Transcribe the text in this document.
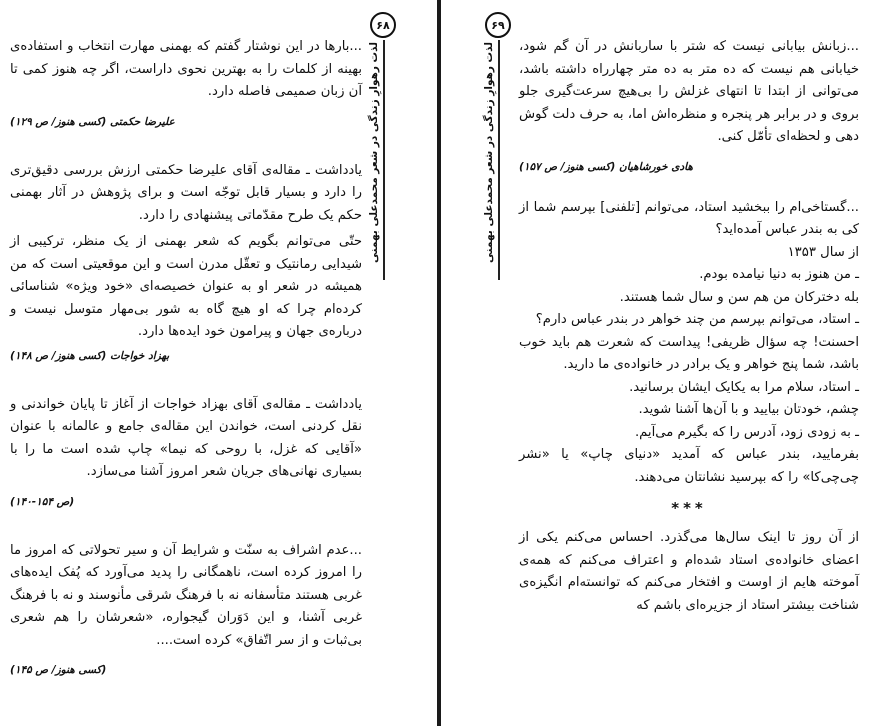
۶۸
لذت رهوارِ زندگی در شعر محمدعلی بهمنی

...بارها در این نوشتار گفتم که بهمنی مهارت انتخاب و استفاده‌ی بهینه از کلمات را به بهترین نحوی داراست، اگر چه هنوز کمی تا آن زبان صمیمی فاصله دارد.

علیرضا حکمتی (کسی هنوز/ ص ۱۲۹)

یادداشت ـ مقاله‌ی آقای علیرضا حکمتی ارزش بررسی دقیق‌تری را دارد و بسیار قابل توجّه است و برای پژوهش در آثار بهمنی حکم یک طرح مقدّماتی پیشنهادی را دارد.

حتّی می‌توانم بگویم که شعر بهمنی از یک منظر، ترکیبی از شیدایی رمانتیک و تعقّل مدرن است و این موقعیتی است که من همیشه در شعر او به عنوان خصیصه‌ای «خود ویژه» شناسائی کرده‌ام چرا که او هیچ گاه به شور بی‌مهار متوسل نیست و درباره‌ی جهان و پیرامون خود ایده‌ها دارد.

بهزاد خواجات (کسی هنوز/ ص ۱۴۸)

یادداشت ـ مقاله‌ی آقای بهزاد خواجات از آغاز تا پایان خواندنی و نقل کردنی است، خواندن این مقاله‌ی جامع و عالمانه با عنوان «آقایی که غزل، با روحی که نیما» چاپ شده است ما را با بسیاری نهانی‌های جریان شعر امروز آشنا می‌سازد.

(ص ۱۵۴-۱۴۰)

...عدم اشراف به سنّت و شرایط آن و سیر تحولاتی که امروز ما را امروز کرده است، ناهمگانی را پدید می‌آورد که پُفک ایده‌های غربی هستند متأسفانه نه با فرهنگ شرقی مأنوسند و نه با فرهنگ غربی آشنا، و این دَوَران گیجواره، «شعرشان را هم شعری بی‌ثبات و از سر اتّفاق» کرده است....

(کسی هنوز/ ص ۱۴۵)

۶۹
لذت رهوارِ زندگی در شعر محمدعلی بهمنی ...زبانش بیابانی نیست که شتر با ساربانش در آن گم شود، خیابانی هم نیست که ده متر به ده متر چهارراه داشته باشد، می‌توانی از ابتدا تا انتهای غزلش را بی‌هیچ سرعت‌گیری جلو بروی و در برابر هر پنجره و منظره‌اش اما، به حرف دلت گوش دهی و لحظه‌ای تأمّل کنی.

هادی خورشاهیان (کسی هنوز/ ص ۱۵۷)

...گستاخی‌ام را ببخشید استاد، می‌توانم [تلفنی] بپرسم شما از کی به بندر عباس آمده‌اید؟

از سال ۱۳۵۳

ـ من هنوز به دنیا نیامده بودم.

بله دخترکان من هم سن و سال شما هستند.

ـ استاد، می‌توانم بپرسم من چند خواهر در بندر عباس دارم؟

احسنت! چه سؤال ظریفی! پیداست که شعرت هم باید خوب باشد، شما پنج خواهر و یک برادر در خانواده‌ی ما دارید.

ـ استاد، سلام مرا به یکایک ایشان برسانید.

چشم، خودتان بیایید و با آن‌ها آشنا شوید.

ـ به زودی زود، آدرس را که بگیرم می‌آیم.

بفرمایید، بندر عباس که آمدید «دنیای چاپ» یا «نشر چی‌چی‌کا» را که بپرسید نشانتان می‌دهند.

***

از آن روز تا اینک سال‌ها می‌گذرد. احساس می‌کنم یکی از اعضای خانواده‌ی استاد شده‌ام و اعتراف می‌کنم که همه‌ی آموخته هایم از اوست و افتخار می‌کنم که توانسته‌ام انگیزه‌ی شناخت بیشتر استاد از جزیره‌ای باشم که
